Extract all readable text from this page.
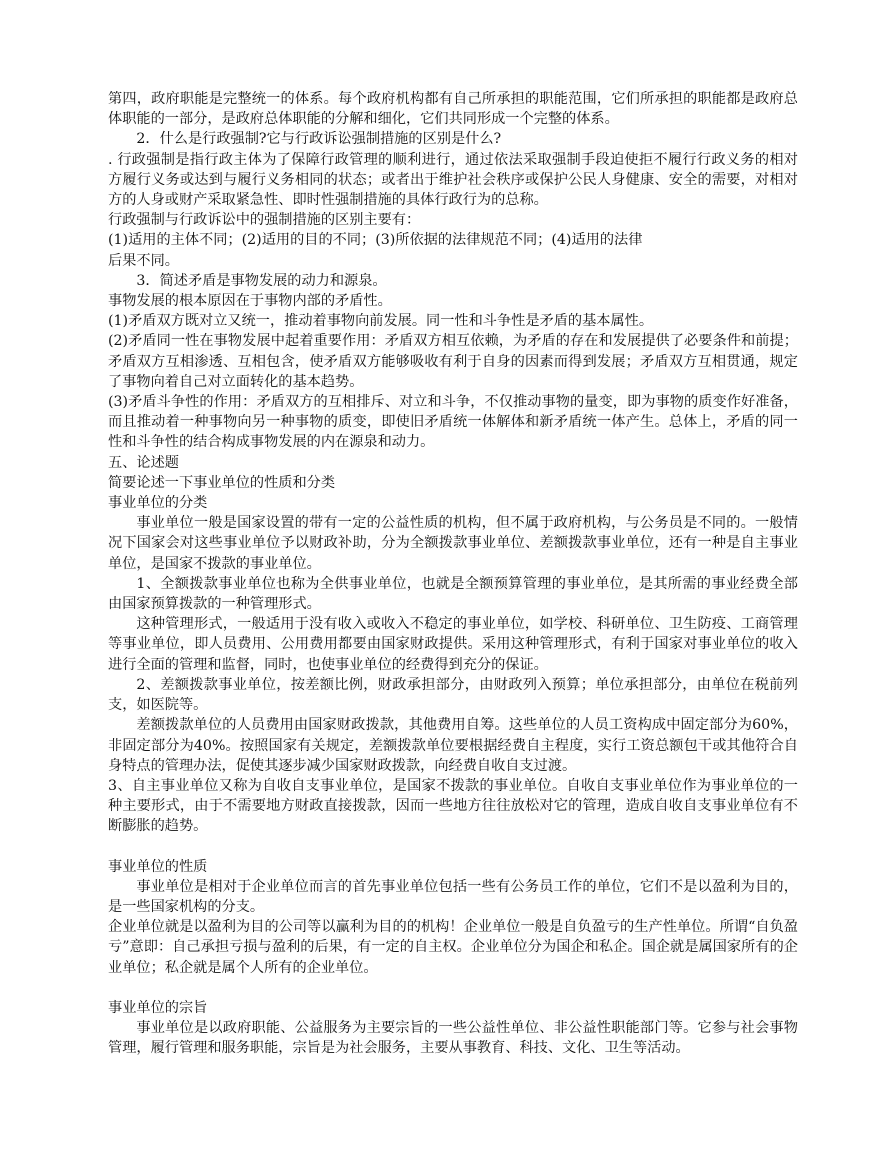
第四，政府职能是完整统一的体系。每个政府机构都有自己所承担的职能范围，它们所承担的职能都是政府总体职能的一部分，是政府总体职能的分解和细化，它们共同形成一个完整的体系。

2．什么是行政强制?它与行政诉讼强制措施的区别是什么?

. 行政强制是指行政主体为了保障行政管理的顺利进行，通过依法采取强制手段迫使拒不履行行政义务的相对方履行义务或达到与履行义务相同的状态；或者出于维护社会秩序或保护公民人身健康、安全的需要，对相对方的人身或财产采取紧急性、即时性强制措施的具体行政行为的总称。

行政强制与行政诉讼中的强制措施的区别主要有：

(1)适用的主体不同；(2)适用的目的不同；(3)所依据的法律规范不同；(4)适用的法律

后果不同。

3．简述矛盾是事物发展的动力和源泉。

事物发展的根本原因在于事物内部的矛盾性。

(1)矛盾双方既对立又统一，推动着事物向前发展。同一性和斗争性是矛盾的基本属性。

(2)矛盾同一性在事物发展中起着重要作用：矛盾双方相互依赖，为矛盾的存在和发展提供了必要条件和前提；矛盾双方互相渗透、互相包含，使矛盾双方能够吸收有利于自身的因素而得到发展；矛盾双方互相贯通，规定了事物向着自己对立面转化的基本趋势。

(3)矛盾斗争性的作用：矛盾双方的互相排斥、对立和斗争，不仅推动事物的量变，即为事物的质变作好准备，而且推动着一种事物向另一种事物的质变，即使旧矛盾统一体解体和新矛盾统一体产生。总体上，矛盾的同一性和斗争性的结合构成事物发展的内在源泉和动力。

五、论述题

简要论述一下事业单位的性质和分类

事业单位的分类

事业单位一般是国家设置的带有一定的公益性质的机构，但不属于政府机构，与公务员是不同的。一般情况下国家会对这些事业单位予以财政补助，分为全额拨款事业单位、差额拨款事业单位，还有一种是自主事业单位，是国家不拨款的事业单位。

1、全额拨款事业单位也称为全供事业单位，也就是全额预算管理的事业单位，是其所需的事业经费全部由国家预算拨款的一种管理形式。

这种管理形式，一般适用于没有收入或收入不稳定的事业单位，如学校、科研单位、卫生防疫、工商管理等事业单位，即人员费用、公用费用都要由国家财政提供。采用这种管理形式，有利于国家对事业单位的收入进行全面的管理和监督，同时，也使事业单位的经费得到充分的保证。

2、差额拨款事业单位，按差额比例，财政承担部分，由财政列入预算；单位承担部分，由单位在税前列支，如医院等。

差额拨款单位的人员费用由国家财政拨款，其他费用自筹。这些单位的人员工资构成中固定部分为60%，非固定部分为40%。按照国家有关规定，差额拨款单位要根据经费自主程度，实行工资总额包干或其他符合自身特点的管理办法，促使其逐步减少国家财政拨款，向经费自收自支过渡。

3、自主事业单位又称为自收自支事业单位，是国家不拨款的事业单位。自收自支事业单位作为事业单位的一种主要形式，由于不需要地方财政直接拨款，因而一些地方往往放松对它的管理，造成自收自支事业单位有不断膨胀的趋势。

事业单位的性质

事业单位是相对于企业单位而言的首先事业单位包括一些有公务员工作的单位，它们不是以盈利为目的，是一些国家机构的分支。

企业单位就是以盈利为目的公司等以赢利为目的的机构！企业单位一般是自负盈亏的生产性单位。所谓“自负盈亏”意即：自己承担亏损与盈利的后果，有一定的自主权。企业单位分为国企和私企。国企就是属国家所有的企业单位；私企就是属个人所有的企业单位。

事业单位的宗旨

事业单位是以政府职能、公益服务为主要宗旨的一些公益性单位、非公益性职能部门等。它参与社会事物管理，履行管理和服务职能，宗旨是为社会服务，主要从事教育、科技、文化、卫生等活动。
